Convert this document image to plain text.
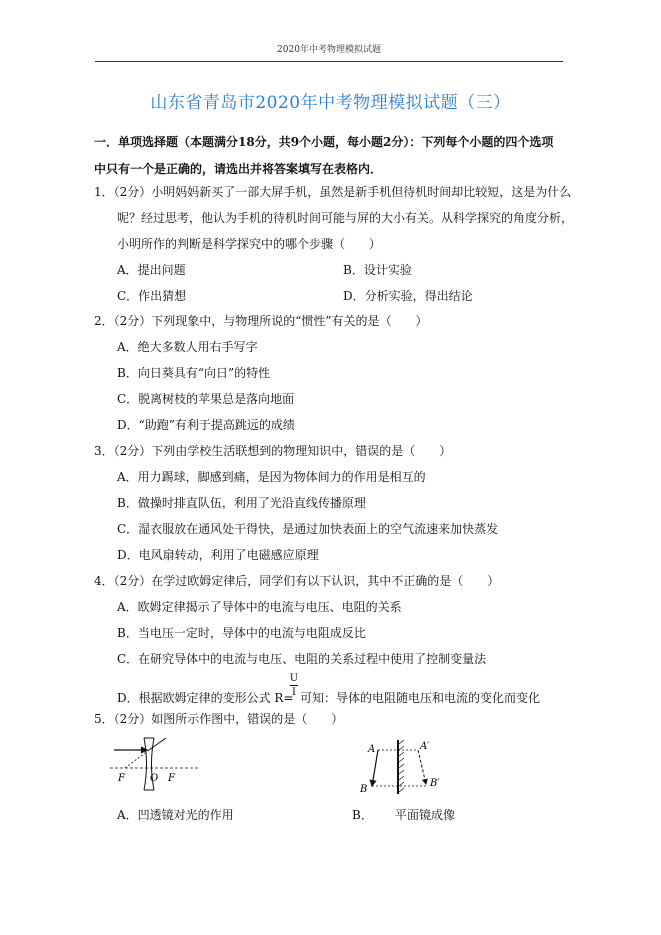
2020年中考物理模拟试题
山东省青岛市2020年中考物理模拟试题（三）
一．单项选择题（本题满分18分，共9个小题，每小题2分）：下列每个小题的四个选项
中只有一个是正确的，请选出并将答案填写在表格内．
1．（2分）小明妈妈新买了一部大屏手机，虽然是新手机但待机时间却比较短，这是为什么
呢？经过思考，他认为手机的待机时间可能与屏的大小有关。从科学探究的角度分析，
小明所作的判断是科学探究中的哪个步骤（　　）
A．提出问题	B．设计实验
C．作出猜想	D．分析实验，得出结论
2．（2分）下列现象中，与物理所说的“惯性”有关的是（　　）
A．绝大多数人用右手写字
B．向日葵具有“向日”的特性
C．脱离树枝的苹果总是落向地面
D．“助跑”有利于提高跳远的成绩
3．（2分）下列由学校生活联想到的物理知识中，错误的是（　　）
A．用力踢球，脚感到痛，是因为物体间力的作用是相互的
B．做操时排直队伍，利用了光沿直线传播原理
C．湿衣服放在通风处干得快，是通过加快表面上的空气流速来加快蒸发
D．电风扇转动，利用了电磁感应原理
4．（2分）在学过欧姆定律后，同学们有以下认识，其中不正确的是（　　）
A．欧姆定律揭示了导体中的电流与电压、电阻的关系
B．当电压一定时，导体中的电流与电阻成反比
C．在研究导体中的电流与电压、电阻的关系过程中使用了控制变量法
D．根据欧姆定律的变形公式 R=
U
I 可知：导体的电阻随电压和电流的变化而变化
5．（2分）如图所示作图中，错误的是（　　）
F	O F
A	A′
B
B′
A．凹透镜对光的作用	B． 平面镜成像
